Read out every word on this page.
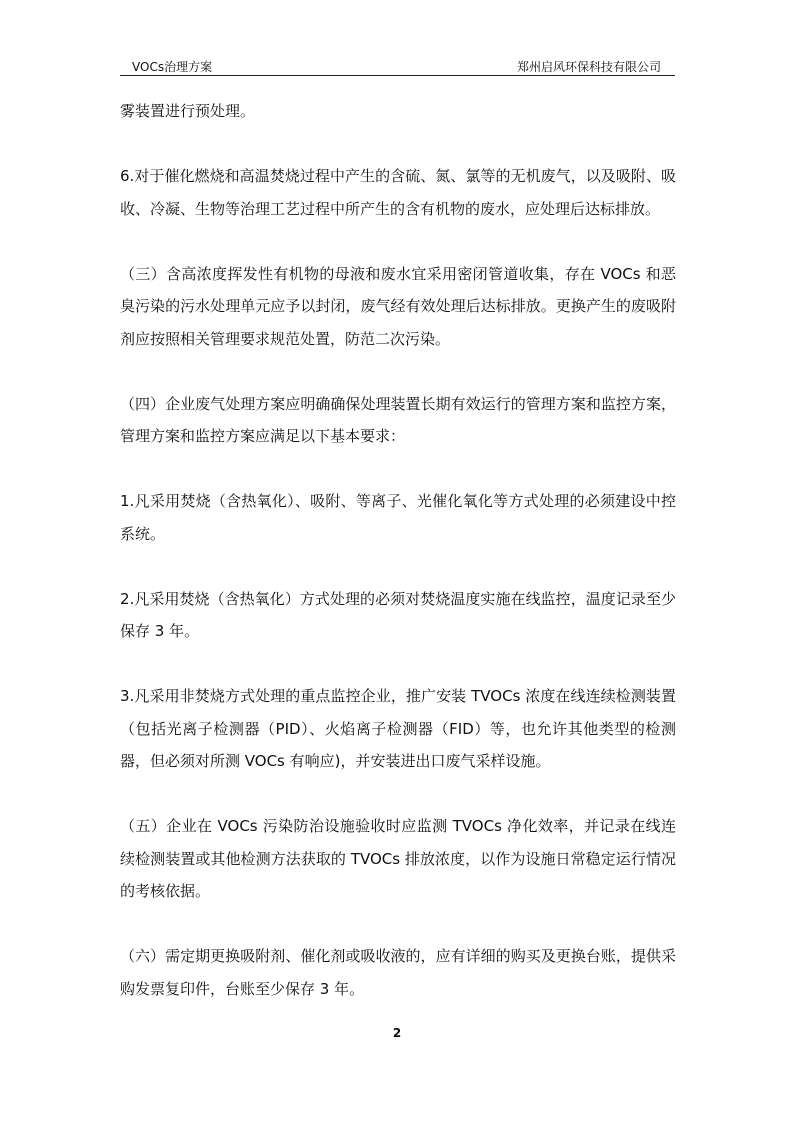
VOCs治理方案	郑州启风环保科技有限公司

雾装置进行预处理。

6.对于催化燃烧和高温焚烧过程中产生的含硫、氮、氯等的无机废气，以及吸附、吸收、冷凝、生物等治理工艺过程中所产生的含有机物的废水，应处理后达标排放。

（三）含高浓度挥发性有机物的母液和废水宜采用密闭管道收集，存在 VOCs 和恶臭污染的污水处理单元应予以封闭，废气经有效处理后达标排放。更换产生的废吸附剂应按照相关管理要求规范处置，防范二次污染。

（四）企业废气处理方案应明确确保处理装置长期有效运行的管理方案和监控方案，管理方案和监控方案应满足以下基本要求：

1.凡采用焚烧（含热氧化）、吸附、等离子、光催化氧化等方式处理的必须建设中控系统。

2.凡采用焚烧（含热氧化）方式处理的必须对焚烧温度实施在线监控，温度记录至少保存 3 年。

3.凡采用非焚烧方式处理的重点监控企业，推广安装 TVOCs 浓度在线连续检测装置（包括光离子检测器（PID）、火焰离子检测器（FID）等，也允许其他类型的检测器，但必须对所测 VOCs 有响应)，并安装进出口废气采样设施。

（五）企业在 VOCs 污染防治设施验收时应监测 TVOCs 净化效率，并记录在线连续检测装置或其他检测方法获取的 TVOCs 排放浓度，以作为设施日常稳定运行情况的考核依据。

（六）需定期更换吸附剂、催化剂或吸收液的，应有详细的购买及更换台账，提供采购发票复印件，台账至少保存 3 年。

2
